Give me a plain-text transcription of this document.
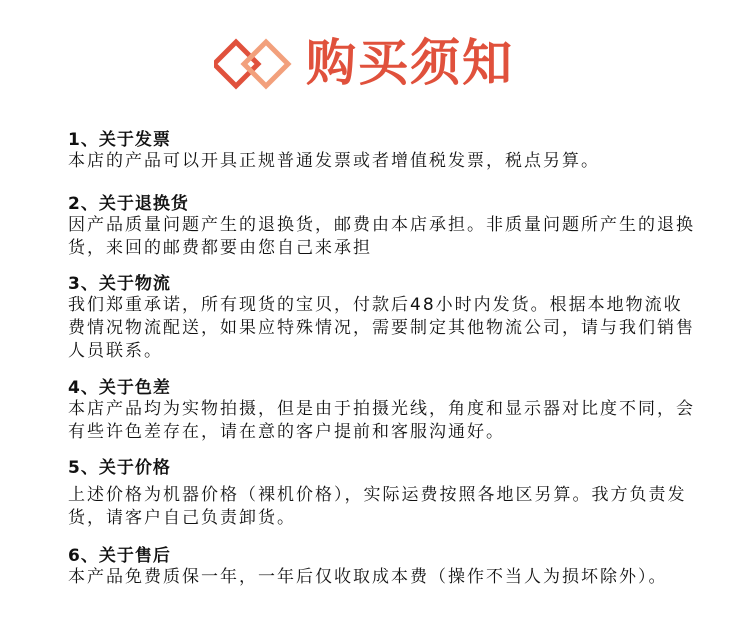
购买须知
1、关于发票
本店的产品可以开具正规普通发票或者增值税发票，税点另算。
2、关于退换货
因产品质量问题产生的退换货，邮费由本店承担。非质量问题所产生的退换货，来回的邮费都要由您自己来承担
3、关于物流
我们郑重承诺，所有现货的宝贝，付款后48小时内发货。根据本地物流收费情况物流配送，如果应特殊情况，需要制定其他物流公司，请与我们销售人员联系。
4、关于色差
本店产品均为实物拍摄，但是由于拍摄光线，角度和显示器对比度不同，会有些许色差存在，请在意的客户提前和客服沟通好。
5、关于价格
上述价格为机器价格（裸机价格），实际运费按照各地区另算。我方负责发货，请客户自己负责卸货。
6、关于售后
本产品免费质保一年，一年后仅收取成本费（操作不当人为损坏除外）。
